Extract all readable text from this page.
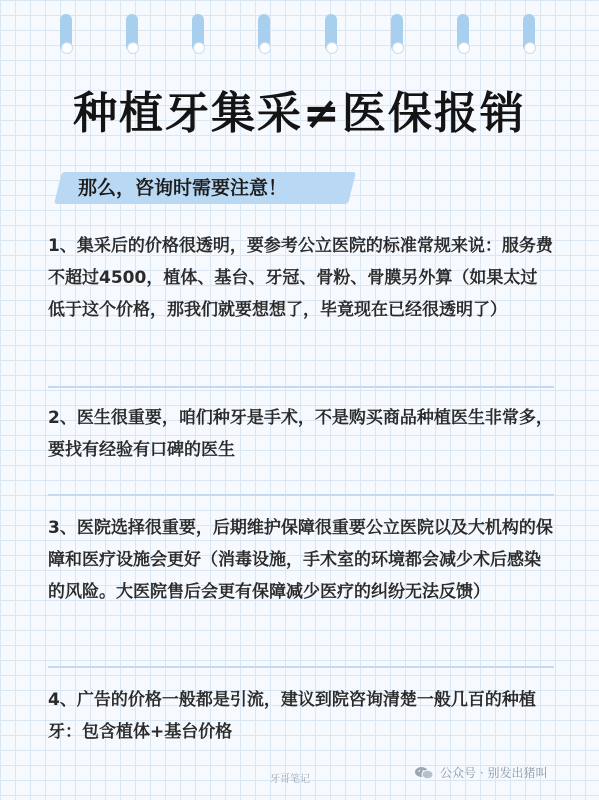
种植牙集采≠医保报销
那么，咨询时需要注意！
1、集采后的价格很透明，要参考公立医院的标准常规来说：服务费不超过4500，植体、基台、牙冠、骨粉、骨膜另外算（如果太过低于这个价格，那我们就要想想了，毕竟现在已经很透明了）
2、医生很重要，咱们种牙是手术，不是购买商品种植医生非常多，要找有经验有口碑的医生
3、医院选择很重要，后期维护保障很重要公立医院以及大机构的保障和医疗设施会更好（消毒设施，手术室的环境都会减少术后感染的风险。大医院售后会更有保障减少医疗的纠纷无法反馈）
4、广告的价格一般都是引流，建议到院咨询清楚一般几百的种植牙：包含植体+基台价格
牙哥笔记	公众号 · 别发出猪叫
